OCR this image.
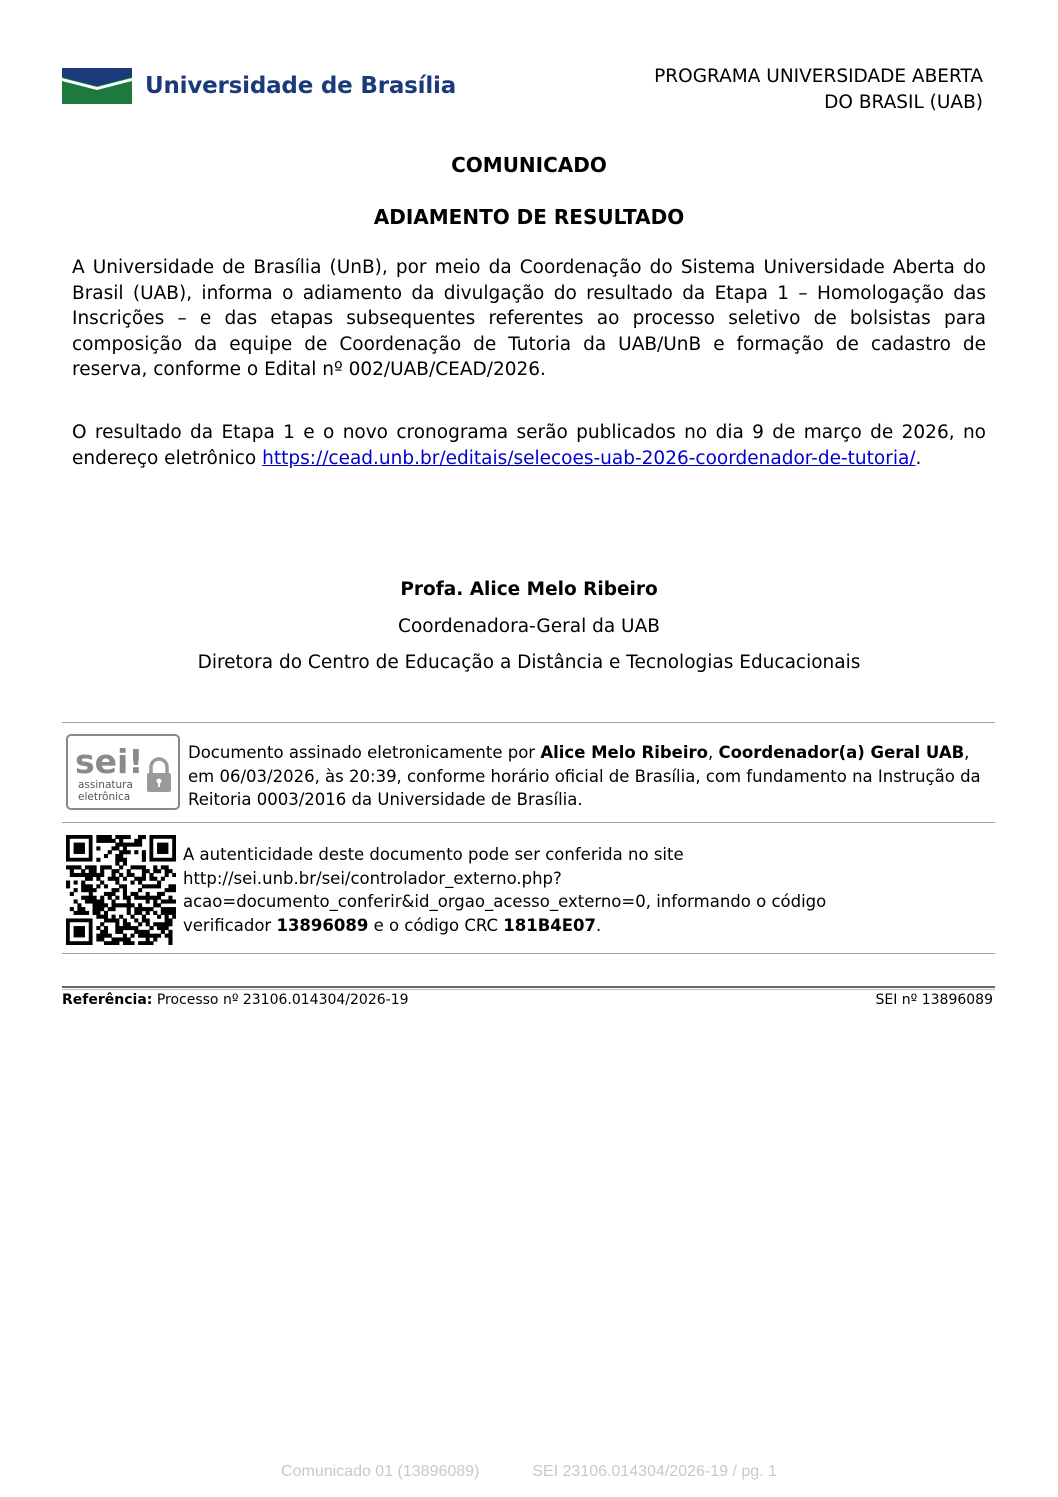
Universidade de Brasília	PROGRAMA UNIVERSIDADE ABERTA
DO BRASIL (UAB)
COMUNICADO
ADIAMENTO DE RESULTADO

A Universidade de Brasília (UnB), por meio da Coordenação do Sistema Universidade Aberta do Brasil (UAB), informa o adiamento da divulgação do resultado da Etapa 1 – Homologação das Inscrições – e das etapas subsequentes referentes ao processo seletivo de bolsistas para composição da equipe de Coordenação de Tutoria da UAB/UnB e formação de cadastro de reserva, conforme o Edital nº 002/UAB/CEAD/2026.

O resultado da Etapa 1 e o novo cronograma serão publicados no dia 9 de março de 2026, no endereço eletrônico https://cead.unb.br/editais/selecoes-uab-2026-coordenador-de-tutoria/.

Profa. Alice Melo Ribeiro
Coordenadora-Geral da UAB
Diretora do Centro de Educação a Distância e Tecnologias Educacionais
sei!
assinatura
eletrônica

Documento assinado eletronicamente por Alice Melo Ribeiro, Coordenador(a) Geral UAB, em 06/03/2026, às 20:39, conforme horário oficial de Brasília, com fundamento na Instrução da Reitoria 0003/2016 da Universidade de Brasília.

A autenticidade deste documento pode ser conferida no site
http://sei.unb.br/sei/controlador_externo.php?
acao=documento_conferir&id_orgao_acesso_externo=0, informando o código
verificador 13896089 e o código CRC 181B4E07.
Referência: Processo nº 23106.014304/2026-19	SEI nº 13896089
Comunicado 01 (13896089)	SEI 23106.014304/2026-19 / pg. 1
